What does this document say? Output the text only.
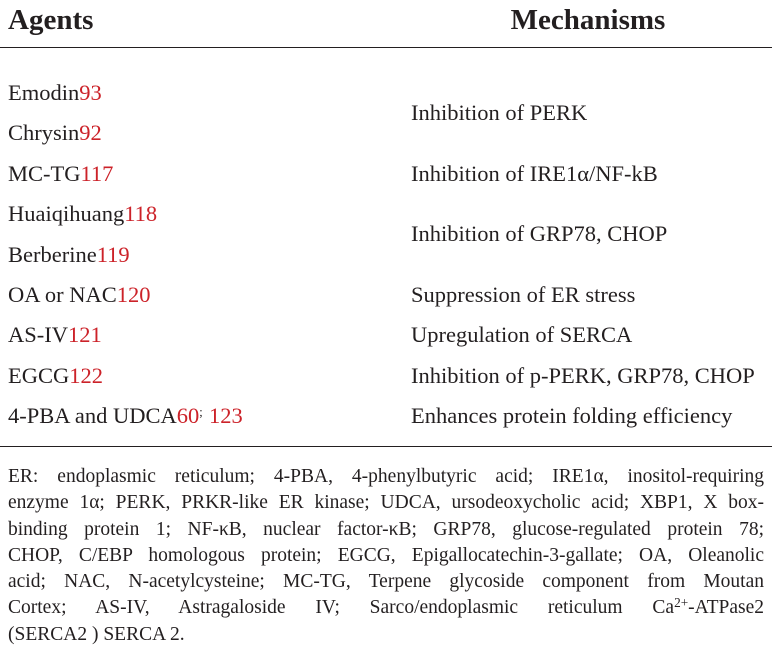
Agents	Mechanisms
Emodin93
Chrysin92
MC-TG117
Huaiqihuang118
Berberine119
OA or NAC120
AS-IV121
EGCG122
4-PBA and UDCA60; 123
Inhibition of PERK
Inhibition of IRE1α/NF-kB
Inhibition of GRP78, CHOP
Suppression of ER stress
Upregulation of SERCA
Inhibition of p-PERK, GRP78, CHOP
Enhances protein folding efficiency
ER: endoplasmic reticulum; 4-PBA, 4-phenylbutyric acid; IRE1α, inositol-requiring
enzyme 1α; PERK, PRKR-like ER kinase; UDCA, ursodeoxycholic acid; XBP1, X box-
binding protein 1; NF-κB, nuclear factor-κB; GRP78, glucose-regulated protein 78;
CHOP, C/EBP homologous protein; EGCG, Epigallocatechin-3-gallate; OA, Oleanolic
acid; NAC, N-acetylcysteine; MC-TG, Terpene glycoside component from Moutan
Cortex; AS-IV, Astragaloside IV; Sarco/endoplasmic reticulum $Ca^{2+}-ATPase2$
(SERCA2 ) SERCA 2.
